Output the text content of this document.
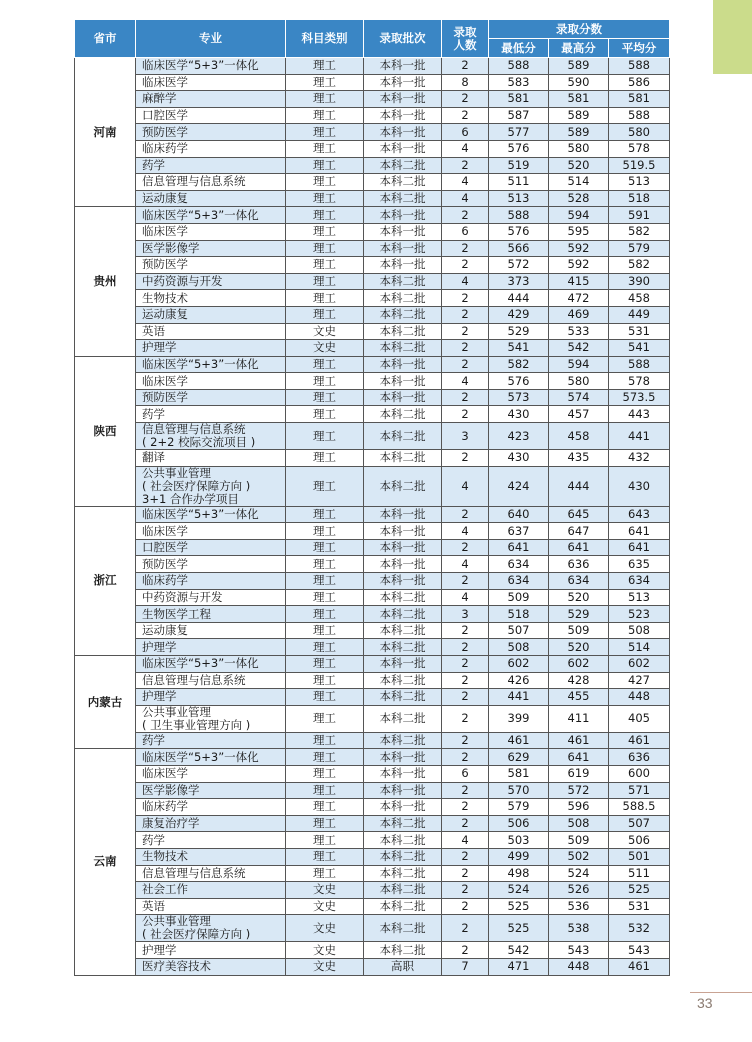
省市	专业	科目类别	录取批次	录取
人数	录取分数		
					最低分	最高分	平均分
河南	临床医学“5+3”一体化	理工	本科一批	2	588	589	588

	临床医学	理工	本科一批	8	583	590	586

	麻醉学	理工	本科一批	2	581	581	581

	口腔医学	理工	本科一批	2	587	589	588

	预防医学	理工	本科一批	6	577	589	580

	临床药学	理工	本科一批	4	576	580	578

	药学	理工	本科二批	2	519	520	519.5

	信息管理与信息系统	理工	本科二批	4	511	514	513

	运动康复	理工	本科二批	4	513	528	518
贵州	临床医学“5+3”一体化	理工	本科一批	2	588	594	591

	临床医学	理工	本科一批	6	576	595	582

	医学影像学	理工	本科一批	2	566	592	579

	预防医学	理工	本科一批	2	572	592	582

	中药资源与开发	理工	本科二批	4	373	415	390

	生物技术	理工	本科二批	2	444	472	458

	运动康复	理工	本科二批	2	429	469	449

	英语	文史	本科二批	2	529	533	531

	护理学	文史	本科二批	2	541	542	541
陕西	临床医学“5+3”一体化	理工	本科一批	2	582	594	588

	临床医学	理工	本科一批	4	576	580	578

	预防医学	理工	本科一批	2	573	574	573.5

	药学	理工	本科二批	2	430	457	443

	信息管理与信息系统
( 2+2 校际交流项目 )	理工	本科二批	3	423	458	441

	翻译	理工	本科二批	2	430	435	432

	公共事业管理
( 社会医疗保障方向 )
3+1 合作办学项目	理工	本科二批	4	424	444	430
浙江	临床医学“5+3”一体化	理工	本科一批	2	640	645	643

	临床医学	理工	本科一批	4	637	647	641

	口腔医学	理工	本科一批	2	641	641	641

	预防医学	理工	本科一批	4	634	636	635

	临床药学	理工	本科一批	2	634	634	634

	中药资源与开发	理工	本科二批	4	509	520	513

	生物医学工程	理工	本科二批	3	518	529	523

	运动康复	理工	本科二批	2	507	509	508

	护理学	理工	本科二批	2	508	520	514
内蒙古	临床医学“5+3”一体化	理工	本科一批	2	602	602	602

	信息管理与信息系统	理工	本科二批	2	426	428	427

	护理学	理工	本科二批	2	441	455	448

	公共事业管理
( 卫生事业管理方向 )	理工	本科二批	2	399	411	405

	药学	理工	本科二批	2	461	461	461
云南	临床医学“5+3”一体化	理工	本科一批	2	629	641	636

	临床医学	理工	本科一批	6	581	619	600

	医学影像学	理工	本科一批	2	570	572	571

	临床药学	理工	本科一批	2	579	596	588.5

	康复治疗学	理工	本科二批	2	506	508	507

	药学	理工	本科二批	4	503	509	506

	生物技术	理工	本科二批	2	499	502	501

	信息管理与信息系统	理工	本科二批	2	498	524	511

	社会工作	文史	本科二批	2	524	526	525

	英语	文史	本科二批	2	525	536	531

	公共事业管理
( 社会医疗保障方向 )	文史	本科二批	2	525	538	532

	护理学	文史	本科二批	2	542	543	543

	医疗美容技术	文史	高职	7	471	448	461
33
